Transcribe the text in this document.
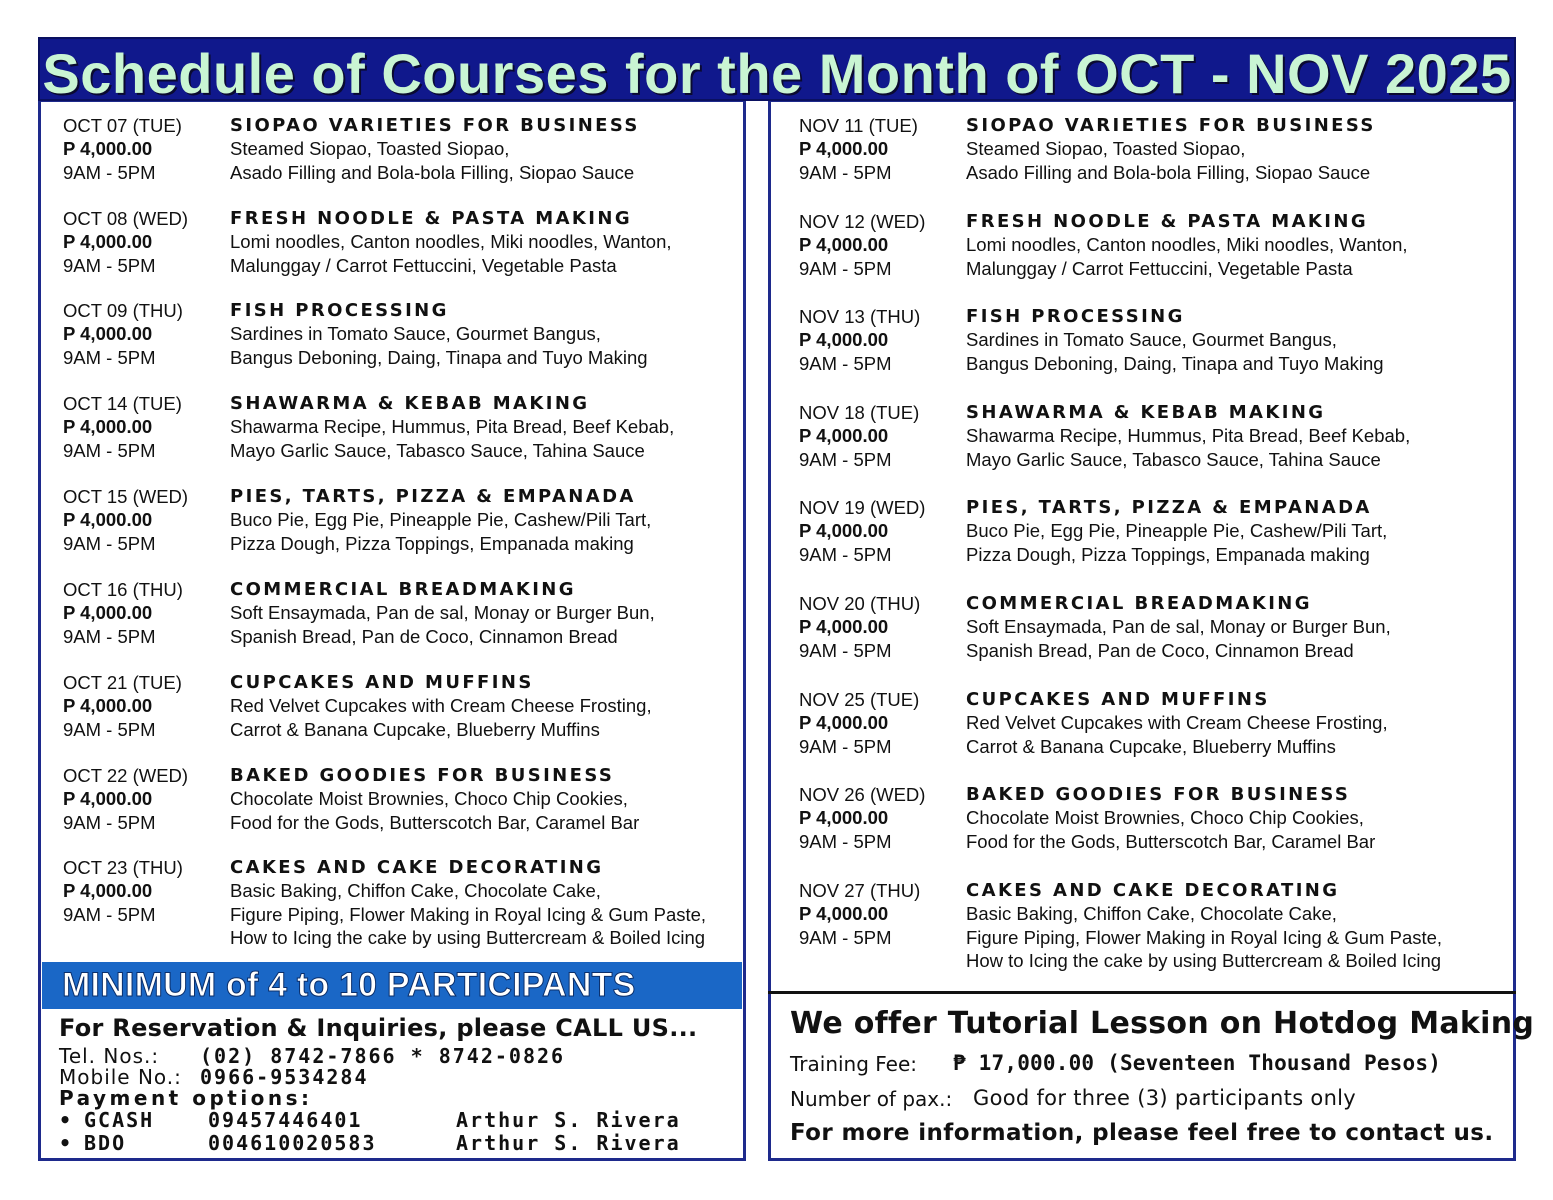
Schedule of Courses for the Month of OCT - NOV 2025
OCT 07 (TUE)
P 4,000.00
9AM - 5PM
SIOPAO VARIETIES FOR BUSINESS
Steamed Siopao, Toasted Siopao,
Asado Filling and Bola-bola Filling, Siopao Sauce
OCT 08 (WED)
P 4,000.00
9AM - 5PM
FRESH NOODLE & PASTA MAKING
Lomi noodles, Canton noodles, Miki noodles, Wanton,
Malunggay / Carrot Fettuccini, Vegetable Pasta
OCT 09 (THU)
P 4,000.00
9AM - 5PM
FISH PROCESSING
Sardines in Tomato Sauce, Gourmet Bangus,
Bangus Deboning, Daing, Tinapa and Tuyo Making
OCT 14 (TUE)
P 4,000.00
9AM - 5PM
SHAWARMA & KEBAB MAKING
Shawarma Recipe, Hummus, Pita Bread, Beef Kebab,
Mayo Garlic Sauce, Tabasco Sauce, Tahina Sauce
OCT 15 (WED)
P 4,000.00
9AM - 5PM
PIES, TARTS, PIZZA & EMPANADA
Buco Pie, Egg Pie, Pineapple Pie, Cashew/Pili Tart,
Pizza Dough, Pizza Toppings, Empanada making
OCT 16 (THU)
P 4,000.00
9AM - 5PM
COMMERCIAL BREADMAKING
Soft Ensaymada, Pan de sal, Monay or Burger Bun,
Spanish Bread, Pan de Coco, Cinnamon Bread
OCT 21 (TUE)
P 4,000.00
9AM - 5PM
CUPCAKES AND MUFFINS
Red Velvet Cupcakes with Cream Cheese Frosting,
Carrot & Banana Cupcake, Blueberry Muffins
OCT 22 (WED)
P 4,000.00
9AM - 5PM
BAKED GOODIES FOR BUSINESS
Chocolate Moist Brownies, Choco Chip Cookies,
Food for the Gods, Butterscotch Bar, Caramel Bar
OCT 23 (THU)
P 4,000.00
9AM - 5PM
CAKES AND CAKE DECORATING
Basic Baking, Chiffon Cake, Chocolate Cake,
Figure Piping, Flower Making in Royal Icing & Gum Paste,
How to Icing the cake by using Buttercream & Boiled Icing
NOV 11 (TUE)
P 4,000.00
9AM - 5PM
SIOPAO VARIETIES FOR BUSINESS
Steamed Siopao, Toasted Siopao,
Asado Filling and Bola-bola Filling, Siopao Sauce
NOV 12 (WED)
P 4,000.00
9AM - 5PM
FRESH NOODLE & PASTA MAKING
Lomi noodles, Canton noodles, Miki noodles, Wanton,
Malunggay / Carrot Fettuccini, Vegetable Pasta
NOV 13 (THU)
P 4,000.00
9AM - 5PM
FISH PROCESSING
Sardines in Tomato Sauce, Gourmet Bangus,
Bangus Deboning, Daing, Tinapa and Tuyo Making
NOV 18 (TUE)
P 4,000.00
9AM - 5PM
SHAWARMA & KEBAB MAKING
Shawarma Recipe, Hummus, Pita Bread, Beef Kebab,
Mayo Garlic Sauce, Tabasco Sauce, Tahina Sauce
NOV 19 (WED)
P 4,000.00
9AM - 5PM
PIES, TARTS, PIZZA & EMPANADA
Buco Pie, Egg Pie, Pineapple Pie, Cashew/Pili Tart,
Pizza Dough, Pizza Toppings, Empanada making
NOV 20 (THU)
P 4,000.00
9AM - 5PM
COMMERCIAL BREADMAKING
Soft Ensaymada, Pan de sal, Monay or Burger Bun,
Spanish Bread, Pan de Coco, Cinnamon Bread
NOV 25 (TUE)
P 4,000.00
9AM - 5PM
CUPCAKES AND MUFFINS
Red Velvet Cupcakes with Cream Cheese Frosting,
Carrot & Banana Cupcake, Blueberry Muffins
NOV 26 (WED)
P 4,000.00
9AM - 5PM
BAKED GOODIES FOR BUSINESS
Chocolate Moist Brownies, Choco Chip Cookies,
Food for the Gods, Butterscotch Bar, Caramel Bar
NOV 27 (THU)
P 4,000.00
9AM - 5PM
CAKES AND CAKE DECORATING
Basic Baking, Chiffon Cake, Chocolate Cake,
Figure Piping, Flower Making in Royal Icing & Gum Paste,
How to Icing the cake by using Buttercream & Boiled Icing
MINIMUM of 4 to 10 PARTICIPANTS
For Reservation & Inquiries, please CALL US...
Tel. Nos.: (02) 8742-7866 * 8742-0826
Mobile No.: 0966-9534284
Payment options:
• GCASH	09457446401	Arthur S. Rivera
• BDO	004610020583	Arthur S. Rivera
We offer Tutorial Lesson on Hotdog Making
Training Fee: ₱ 17,000.00 (Seventeen Thousand Pesos)
Number of pax.: Good for three (3) participants only
For more information, please feel free to contact us.
